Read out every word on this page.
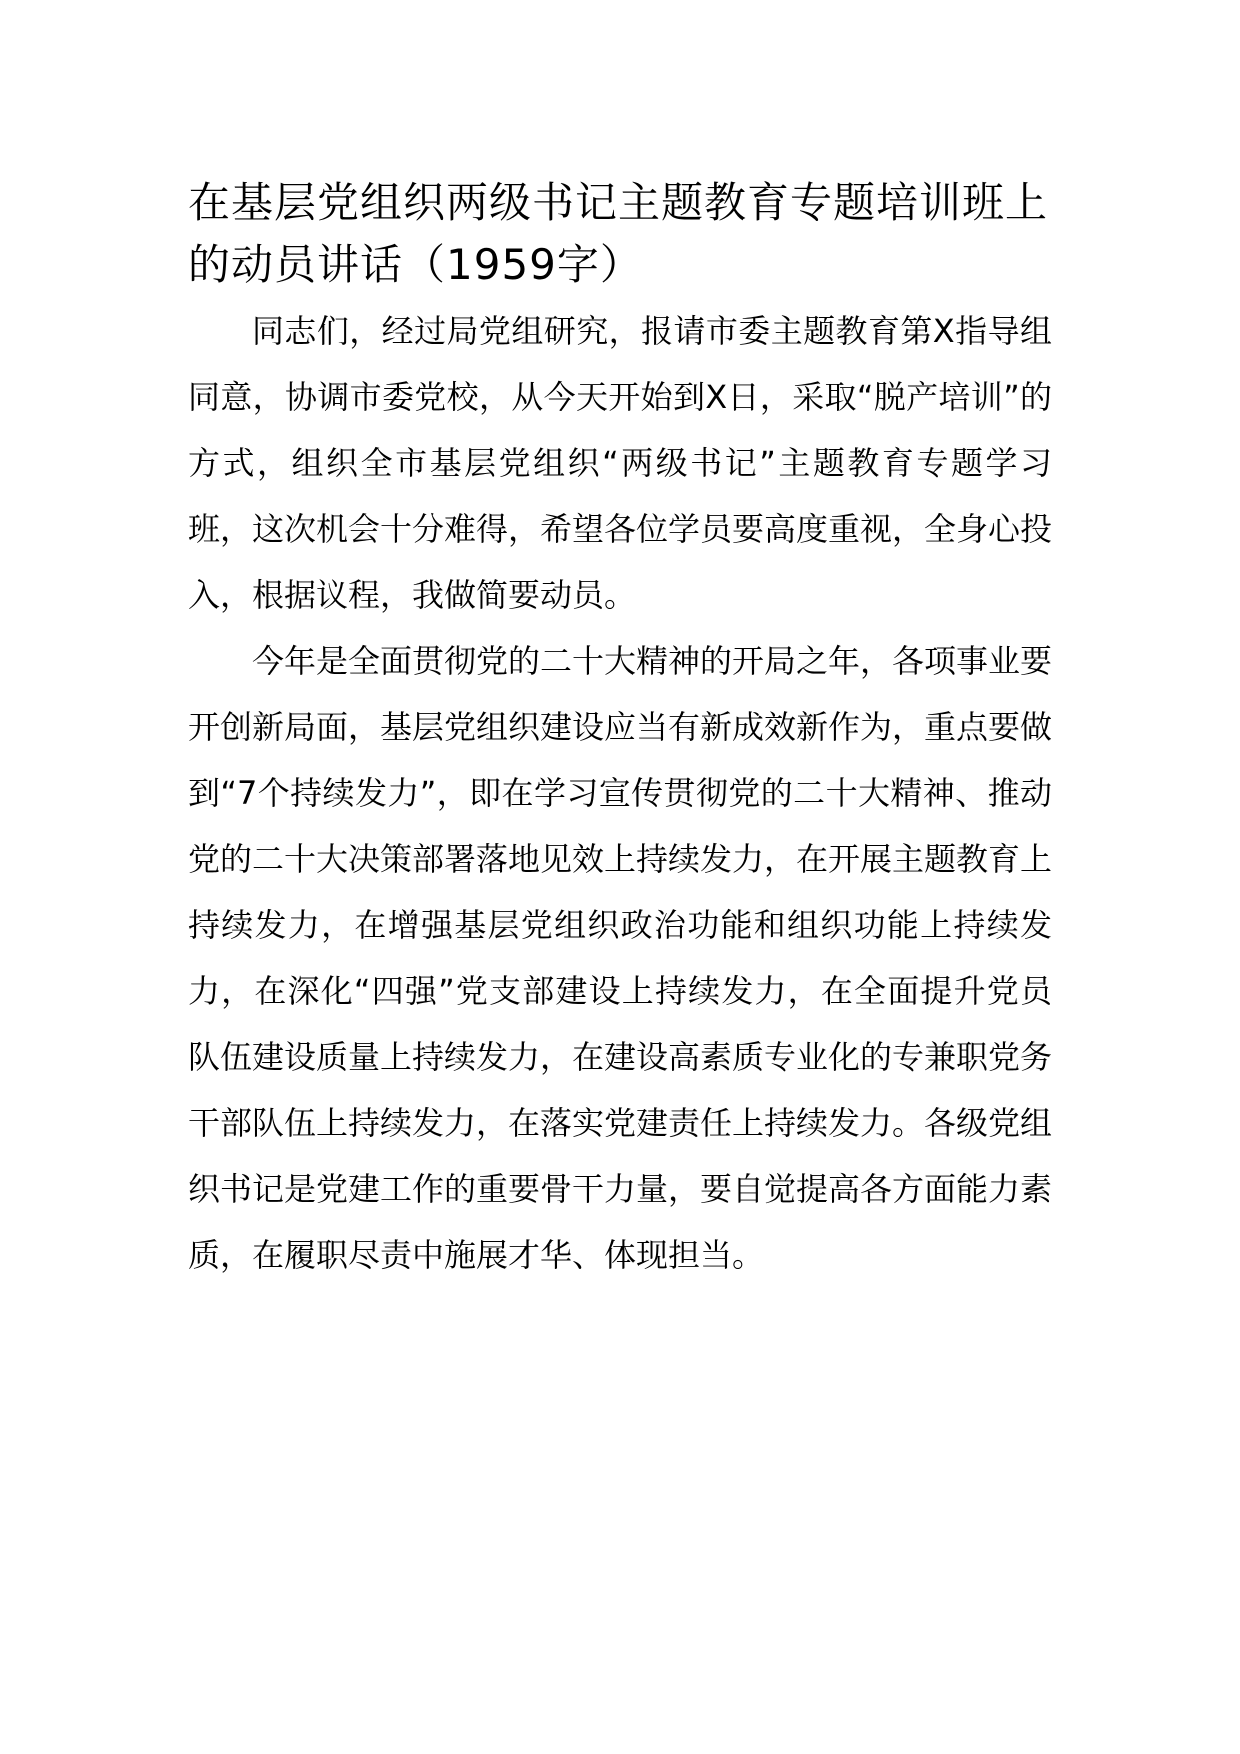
在基层党组织两级书记主题教育专题培训班上的动员讲话（1959字）

同志们，经过局党组研究，报请市委主题教育第X指导组同意，协调市委党校，从今天开始到X日，采取“脱产培训”的方式，组织全市基层党组织“两级书记”主题教育专题学习班，这次机会十分难得，希望各位学员要高度重视，全身心投入，根据议程，我做简要动员。

今年是全面贯彻党的二十大精神的开局之年，各项事业要开创新局面，基层党组织建设应当有新成效新作为，重点要做到“7个持续发力”，即在学习宣传贯彻党的二十大精神、推动党的二十大决策部署落地见效上持续发力，在开展主题教育上持续发力，在增强基层党组织政治功能和组织功能上持续发力，在深化“四强”党支部建设上持续发力，在全面提升党员队伍建设质量上持续发力，在建设高素质专业化的专兼职党务干部队伍上持续发力，在落实党建责任上持续发力。各级党组织书记是党建工作的重要骨干力量，要自觉提高各方面能力素质，在履职尽责中施展才华、体现担当。
